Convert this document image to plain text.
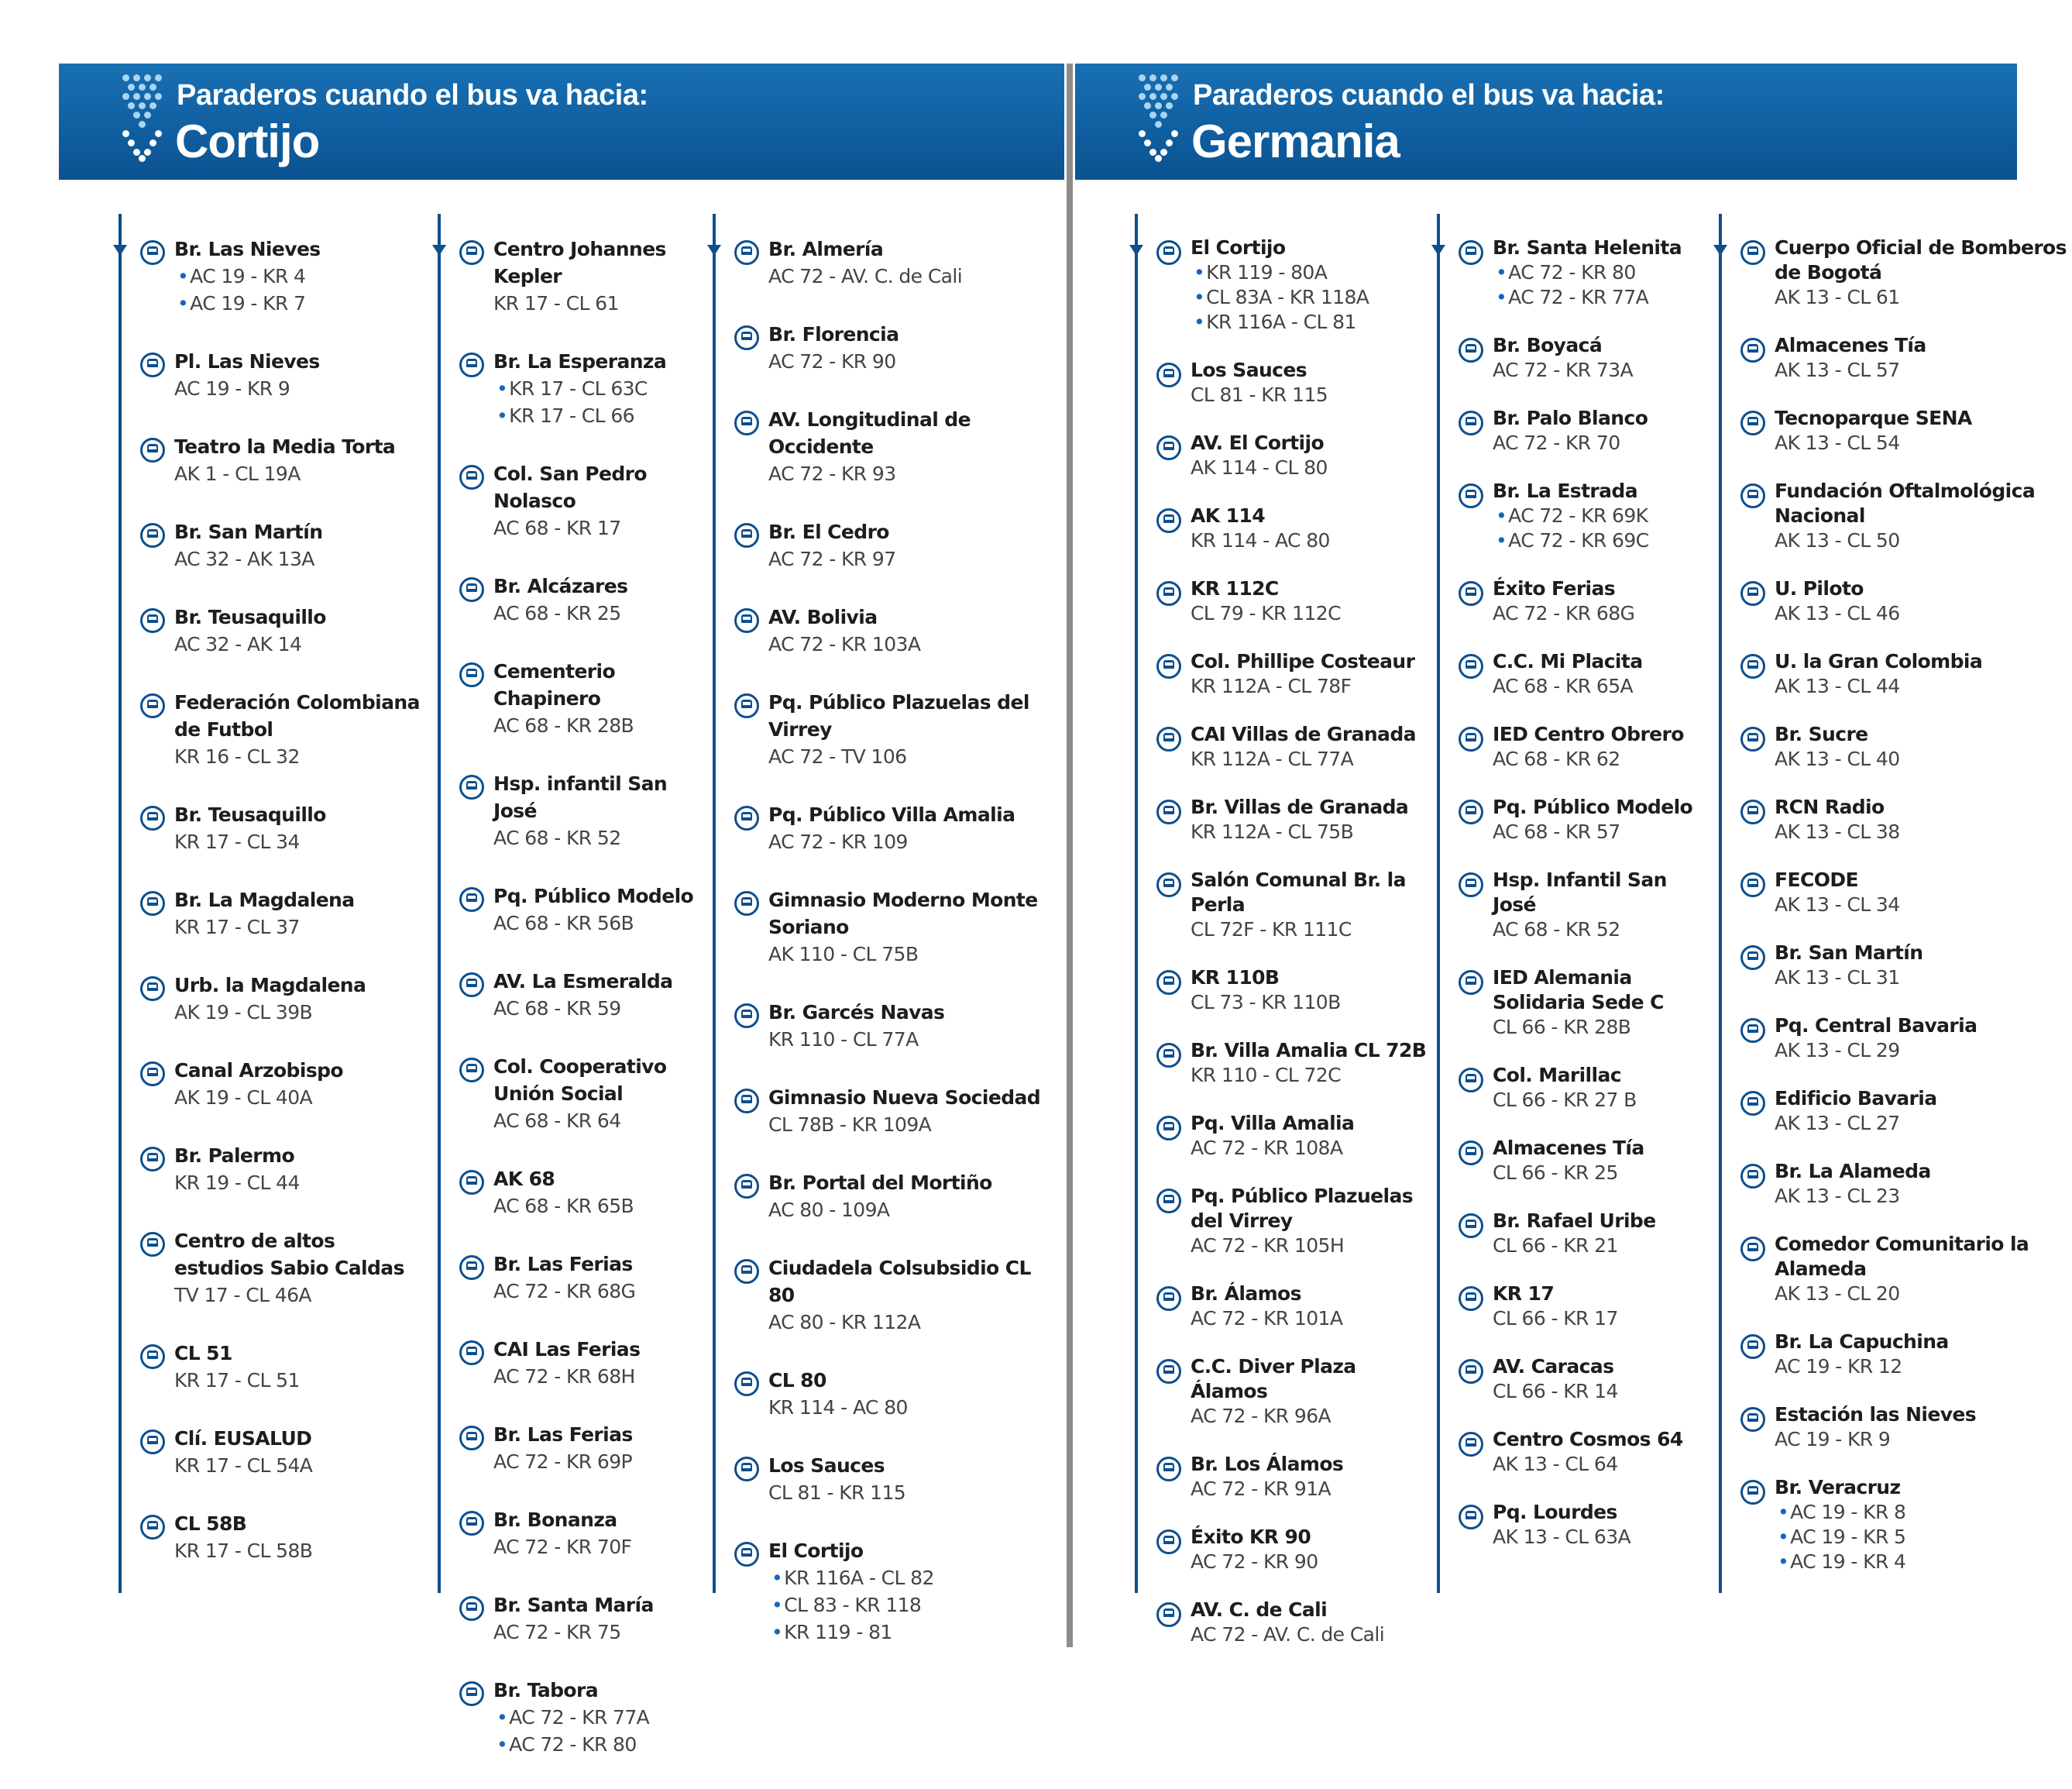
Paraderos cuando el bus va hacia:
Cortijo
Br. Las Nieves
• AC 19 - KR 4
• AC 19 - KR 7
Pl. Las Nieves
AC 19 - KR 9
Teatro la Media Torta
AK 1 - CL 19A
Br. San Martín
AC 32 - AK 13A
Br. Teusaquillo
AC 32 - AK 14
Federación Colombiana de Futbol
KR 16 - CL 32
Br. Teusaquillo
KR 17 - CL 34
Br. La Magdalena
KR 17 - CL 37
Urb. la Magdalena
AK 19 - CL 39B
Canal Arzobispo
AK 19 - CL 40A
Br. Palermo
KR 19 - CL 44
Centro de altos estudios Sabio Caldas
TV 17 - CL 46A
CL 51
KR 17 - CL 51
Clí. EUSALUD
KR 17 - CL 54A
CL 58B
KR 17 - CL 58B
Centro Johannes Kepler
KR 17 - CL 61
Br. La Esperanza
• KR 17 - CL 63C
• KR 17 - CL 66
Col. San Pedro Nolasco
AC 68 - KR 17
Br. Alcázares
AC 68 - KR 25
Cementerio Chapinero
AC 68 - KR 28B
Hsp. infantil San José
AC 68 - KR 52
Pq. Público Modelo
AC 68 - KR 56B
AV. La Esmeralda
AC 68 - KR 59
Col. Cooperativo Unión Social
AC 68 - KR 64
AK 68
AC 68 - KR 65B
Br. Las Ferias
AC 72 - KR 68G
CAI Las Ferias
AC 72 - KR 68H
Br. Las Ferias
AC 72 - KR 69P
Br. Bonanza
AC 72 - KR 70F
Br. Santa María
AC 72 - KR 75
Br. Tabora
• AC 72 - KR 77A
• AC 72 - KR 80
Br. Almería
AC 72 - AV. C. de Cali
Br. Florencia
AC 72 - KR 90
AV. Longitudinal de Occidente
AC 72 - KR 93
Br. El Cedro
AC 72 - KR 97
AV. Bolivia
AC 72 - KR 103A
Pq. Público Plazuelas del Virrey
AC 72 - TV 106
Pq. Público Villa Amalia
AC 72 - KR 109
Gimnasio Moderno Monte Soriano
AK 110 - CL 75B
Br. Garcés Navas
KR 110 - CL 77A
Gimnasio Nueva Sociedad
CL 78B - KR 109A
Br. Portal del Mortiño
AC 80 - 109A
Ciudadela Colsubsidio CL 80
AC 80 - KR 112A
CL 80
KR 114 - AC 80
Los Sauces
CL 81 - KR 115
El Cortijo
• KR 116A - CL 82
• CL 83 - KR 118
• KR 119 - 81
Paraderos cuando el bus va hacia:
Germania
El Cortijo
• KR 119 - 80A
• CL 83A - KR 118A
• KR 116A - CL 81
Los Sauces
CL 81 - KR 115
AV. El Cortijo
AK 114 - CL 80
AK 114
KR 114 - AC 80
KR 112C
CL 79 - KR 112C
Col. Phillipe Costeaur
KR 112A - CL 78F
CAI Villas de Granada
KR 112A - CL 77A
Br. Villas de Granada
KR 112A - CL 75B
Salón Comunal Br. la Perla
CL 72F - KR 111C
KR 110B
CL 73 - KR 110B
Br. Villa Amalia CL 72B
KR 110 - CL 72C
Pq. Villa Amalia
AC 72 - KR 108A
Pq. Público Plazuelas del Virrey
AC 72 - KR 105H
Br. Álamos
AC 72 - KR 101A
C.C. Diver Plaza Álamos
AC 72 - KR 96A
Br. Los Álamos
AC 72 - KR 91A
Éxito KR 90
AC 72 - KR 90
AV. C. de Cali
AC 72 - AV. C. de Cali
Br. Santa Helenita
• AC 72 - KR 80
• AC 72 - KR 77A
Br. Boyacá
AC 72 - KR 73A
Br. Palo Blanco
AC 72 - KR 70
Br. La Estrada
• AC 72 - KR 69K
• AC 72 - KR 69C
Éxito Ferias
AC 72 - KR 68G
C.C. Mi Placita
AC 68 - KR 65A
IED Centro Obrero
AC 68 - KR 62
Pq. Público Modelo
AC 68 - KR 57
Hsp. Infantil San José
AC 68 - KR 52
IED Alemania Solidaria Sede C
CL 66 - KR 28B
Col. Marillac
CL 66 - KR 27 B
Almacenes Tía
CL 66 - KR 25
Br. Rafael Uribe
CL 66 - KR 21
KR 17
CL 66 - KR 17
AV. Caracas
CL 66 - KR 14
Centro Cosmos 64
AK 13 - CL 64
Pq. Lourdes
AK 13 - CL 63A
Cuerpo Oficial de Bomberos de Bogotá
AK 13 - CL 61
Almacenes Tía
AK 13 - CL 57
Tecnoparque SENA
AK 13 - CL 54
Fundación Oftalmológica Nacional
AK 13 - CL 50
U. Piloto
AK 13 - CL 46
U. la Gran Colombia
AK 13 - CL 44
Br. Sucre
AK 13 - CL 40
RCN Radio
AK 13 - CL 38
FECODE
AK 13 - CL 34
Br. San Martín
AK 13 - CL 31
Pq. Central Bavaria
AK 13 - CL 29
Edificio Bavaria
AK 13 - CL 27
Br. La Alameda
AK 13 - CL 23
Comedor Comunitario la Alameda
AK 13 - CL 20
Br. La Capuchina
AC 19 - KR 12
Estación las Nieves
AC 19 - KR 9
Br. Veracruz
• AC 19 - KR 8
• AC 19 - KR 5
• AC 19 - KR 4
